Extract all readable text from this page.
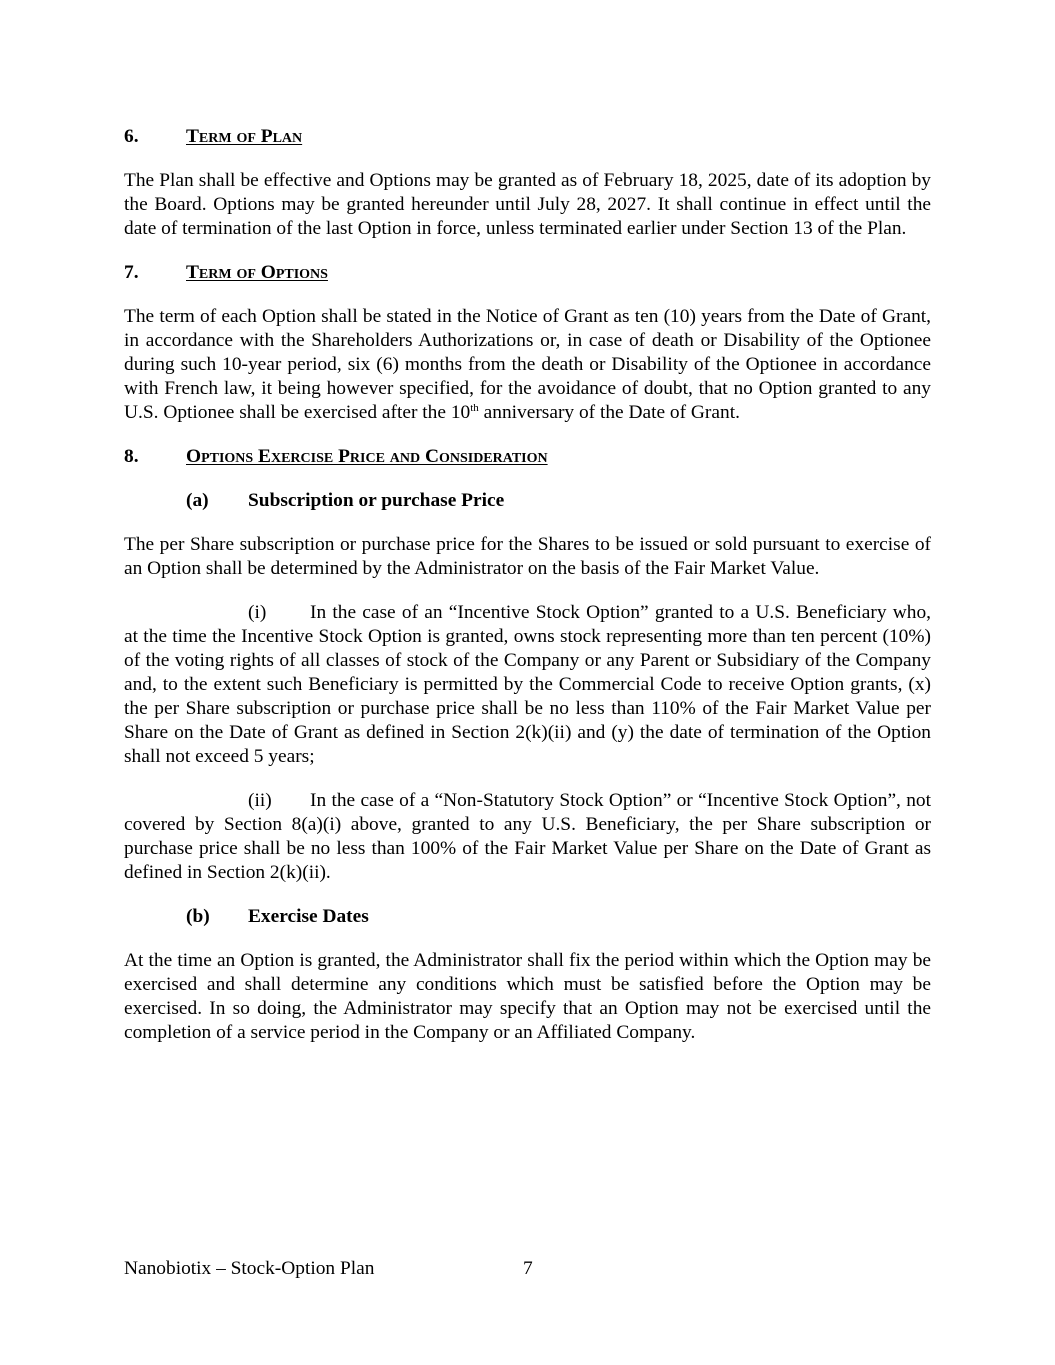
6. Term of Plan

The Plan shall be effective and Options may be granted as of February 18, 2025, date of its adoption by the Board. Options may be granted hereunder until July 28, 2027. It shall continue in effect until the date of termination of the last Option in force, unless terminated earlier under Section 13 of the Plan.

7. Term of Options

The term of each Option shall be stated in the Notice of Grant as ten (10) years from the Date of Grant, in accordance with the Shareholders Authorizations or, in case of death or Disability of the Optionee during such 10-year period, six (6) months from the death or Disability of the Optionee in accordance with French law, it being however specified, for the avoidance of doubt, that no Option granted to any U.S. Optionee shall be exercised after the 10th anniversary of the Date of Grant.

8. Options Exercise Price and Consideration
(a) Subscription or purchase Price

The per Share subscription or purchase price for the Shares to be issued or sold pursuant to exercise of an Option shall be determined by the Administrator on the basis of the Fair Market Value.

(i) In the case of an “Incentive Stock Option” granted to a U.S. Beneficiary who, at the time the Incentive Stock Option is granted, owns stock representing more than ten percent (10%) of the voting rights of all classes of stock of the Company or any Parent or Subsidiary of the Company and, to the extent such Beneficiary is permitted by the Commercial Code to receive Option grants, (x) the per Share subscription or purchase price shall be no less than 110% of the Fair Market Value per Share on the Date of Grant as defined in Section 2(k)(ii) and (y) the date of termination of the Option shall not exceed 5 years;

(ii) In the case of a “Non-Statutory Stock Option” or “Incentive Stock Option”, not covered by Section 8(a)(i) above, granted to any U.S. Beneficiary, the per Share subscription or purchase price shall be no less than 100% of the Fair Market Value per Share on the Date of Grant as defined in Section 2(k)(ii).

(b) Exercise Dates

At the time an Option is granted, the Administrator shall fix the period within which the Option may be exercised and shall determine any conditions which must be satisfied before the Option may be exercised. In so doing, the Administrator may specify that an Option may not be exercised until the completion of a service period in the Company or an Affiliated Company.

Nanobiotix – Stock-Option Plan	7
